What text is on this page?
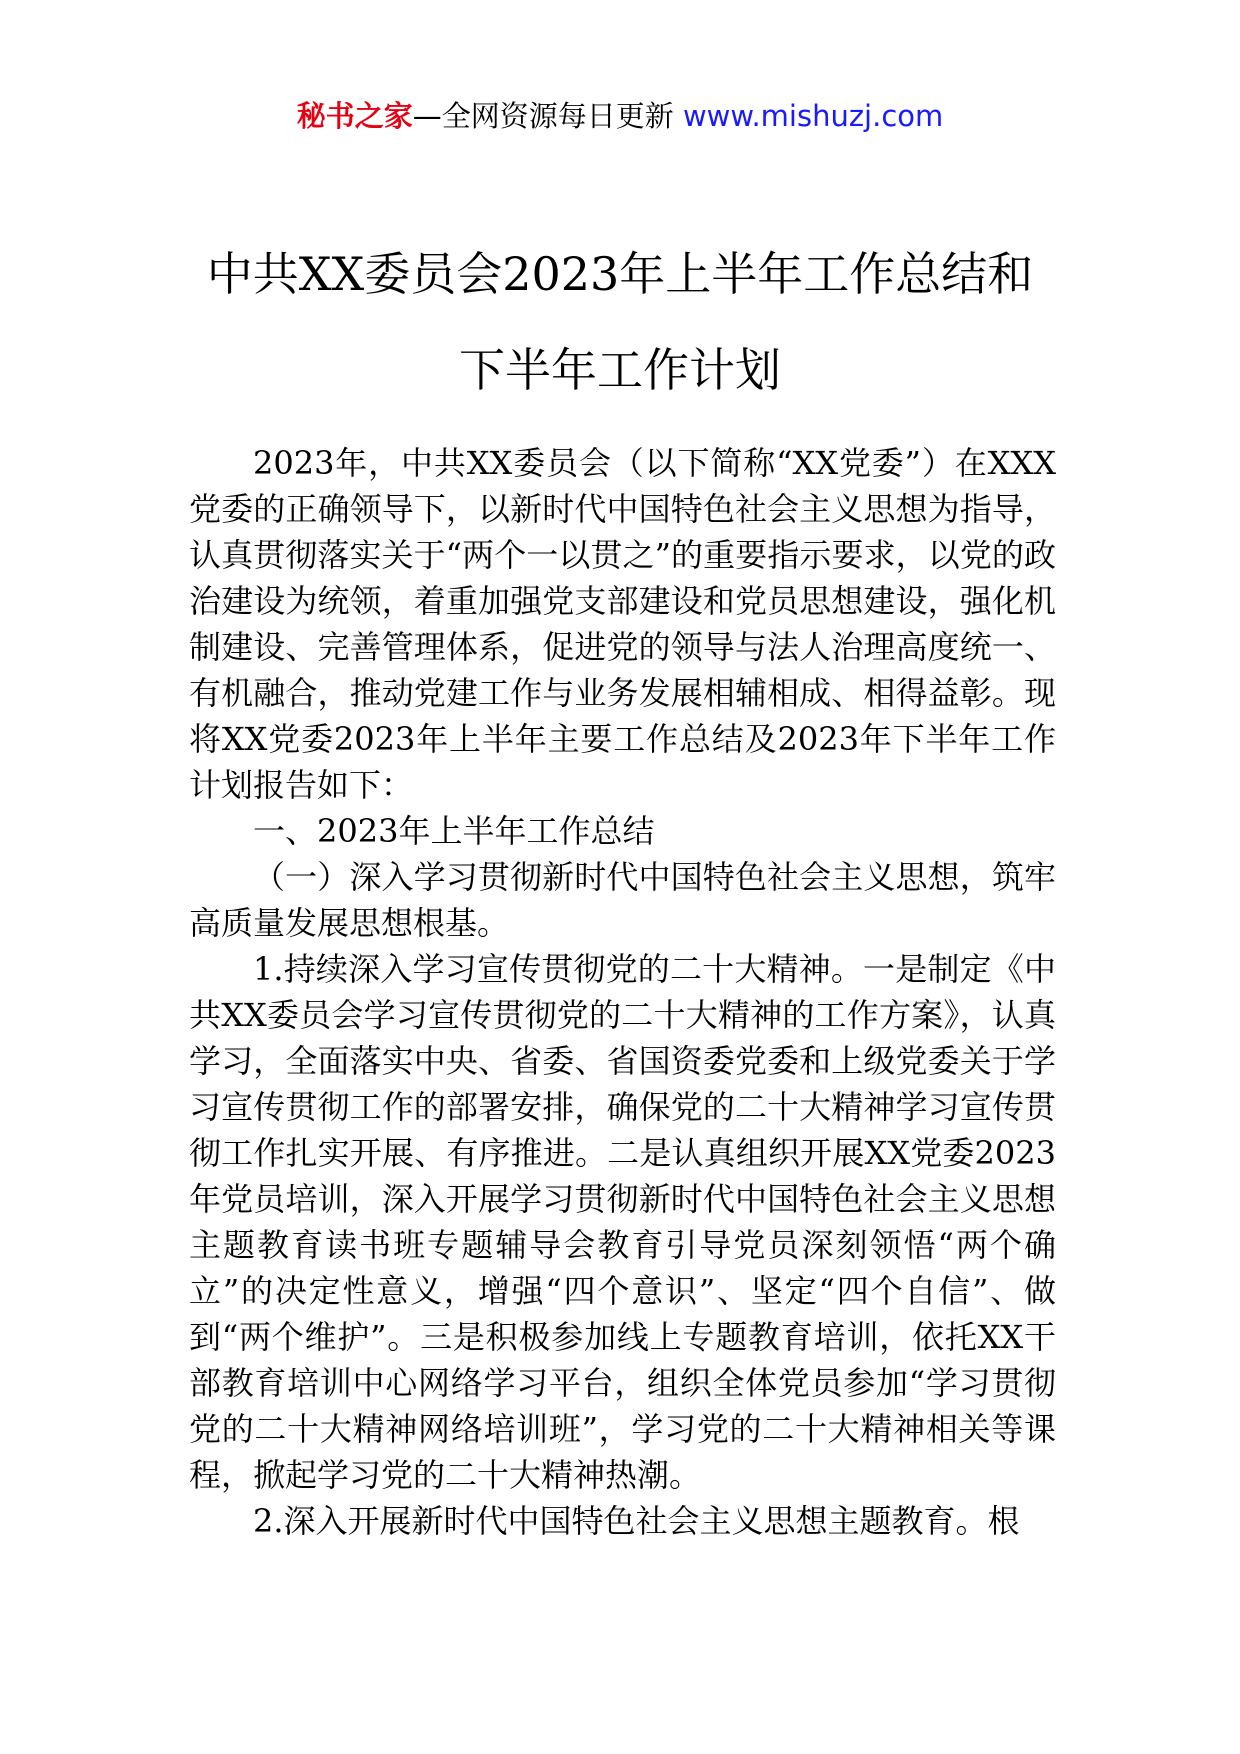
秘书之家—全网资源每日更新 www.mishuzj.com
中共XX委员会2023年上半年工作总结和
下半年工作计划

2023年，中共XX委员会（以下简称“XX党委”）在XXX党委的正确领导下，以新时代中国特色社会主义思想为指导，认真贯彻落实关于“两个一以贯之”的重要指示要求，以党的政治建设为统领，着重加强党支部建设和党员思想建设，强化机制建设、完善管理体系，促进党的领导与法人治理高度统一、有机融合，推动党建工作与业务发展相辅相成、相得益彰。现将XX党委2023年上半年主要工作总结及2023年下半年工作计划报告如下：

一、2023年上半年工作总结

（一）深入学习贯彻新时代中国特色社会主义思想，筑牢高质量发展思想根基。

1.持续深入学习宣传贯彻党的二十大精神。一是制定《中共XX委员会学习宣传贯彻党的二十大精神的工作方案》，认真学习，全面落实中央、省委、省国资委党委和上级党委关于学习宣传贯彻工作的部署安排，确保党的二十大精神学习宣传贯彻工作扎实开展、有序推进。二是认真组织开展XX党委2023年党员培训，深入开展学习贯彻新时代中国特色社会主义思想主题教育读书班专题辅导会教育引导党员深刻领悟“两个确立”的决定性意义，增强“四个意识”、坚定“四个自信”、做到“两个维护”。三是积极参加线上专题教育培训，依托XX干部教育培训中心网络学习平台，组织全体党员参加“学习贯彻党的二十大精神网络培训班”，学习党的二十大精神相关等课程，掀起学习党的二十大精神热潮。

2.深入开展新时代中国特色社会主义思想主题教育。根
